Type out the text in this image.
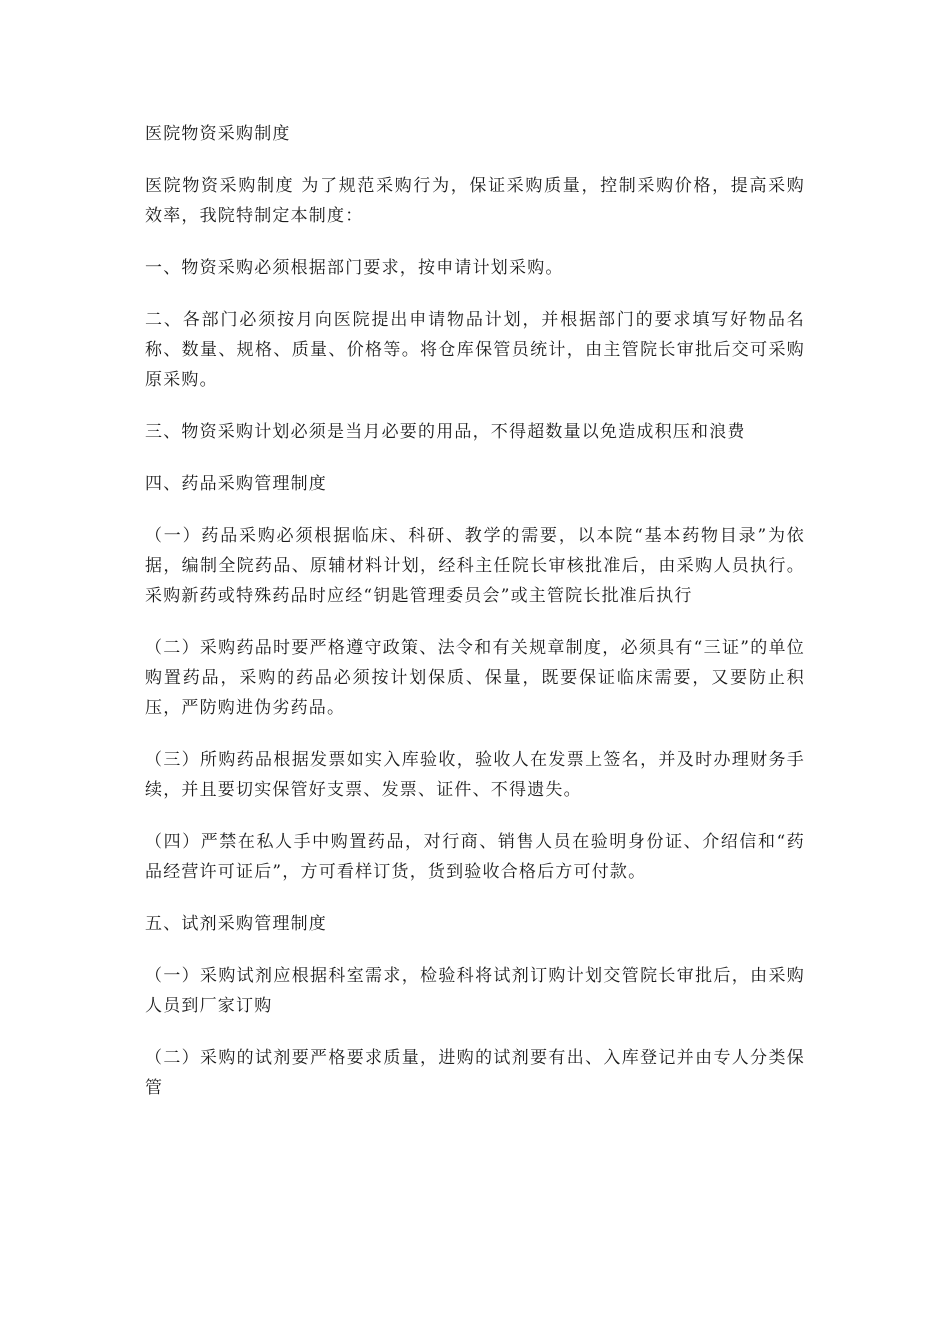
医院物资采购制度

医院物资采购制度 为了规范采购行为，保证采购质量，控制采购价格，提高采购效率，我院特制定本制度：

一、物资采购必须根据部门要求，按申请计划采购。

二、各部门必须按月向医院提出申请物品计划，并根据部门的要求填写好物品名称、数量、规格、质量、价格等。将仓库保管员统计，由主管院长审批后交可采购原采购。

三、物资采购计划必须是当月必要的用品，不得超数量以免造成积压和浪费

四、药品采购管理制度

（一）药品采购必须根据临床、科研、教学的需要，以本院“基本药物目录”为依据，编制全院药品、原辅材料计划，经科主任院长审核批准后，由采购人员执行。采购新药或特殊药品时应经“钥匙管理委员会”或主管院长批准后执行

（二）采购药品时要严格遵守政策、法令和有关规章制度，必须具有“三证”的单位购置药品，采购的药品必须按计划保质、保量，既要保证临床需要，又要防止积压，严防购进伪劣药品。

（三）所购药品根据发票如实入库验收，验收人在发票上签名，并及时办理财务手续，并且要切实保管好支票、发票、证件、不得遗失。

（四）严禁在私人手中购置药品，对行商、销售人员在验明身份证、介绍信和“药品经营许可证后”，方可看样订货，货到验收合格后方可付款。

五、试剂采购管理制度

（一）采购试剂应根据科室需求，检验科将试剂订购计划交管院长审批后，由采购人员到厂家订购

（二）采购的试剂要严格要求质量，进购的试剂要有出、入库登记并由专人分类保管
